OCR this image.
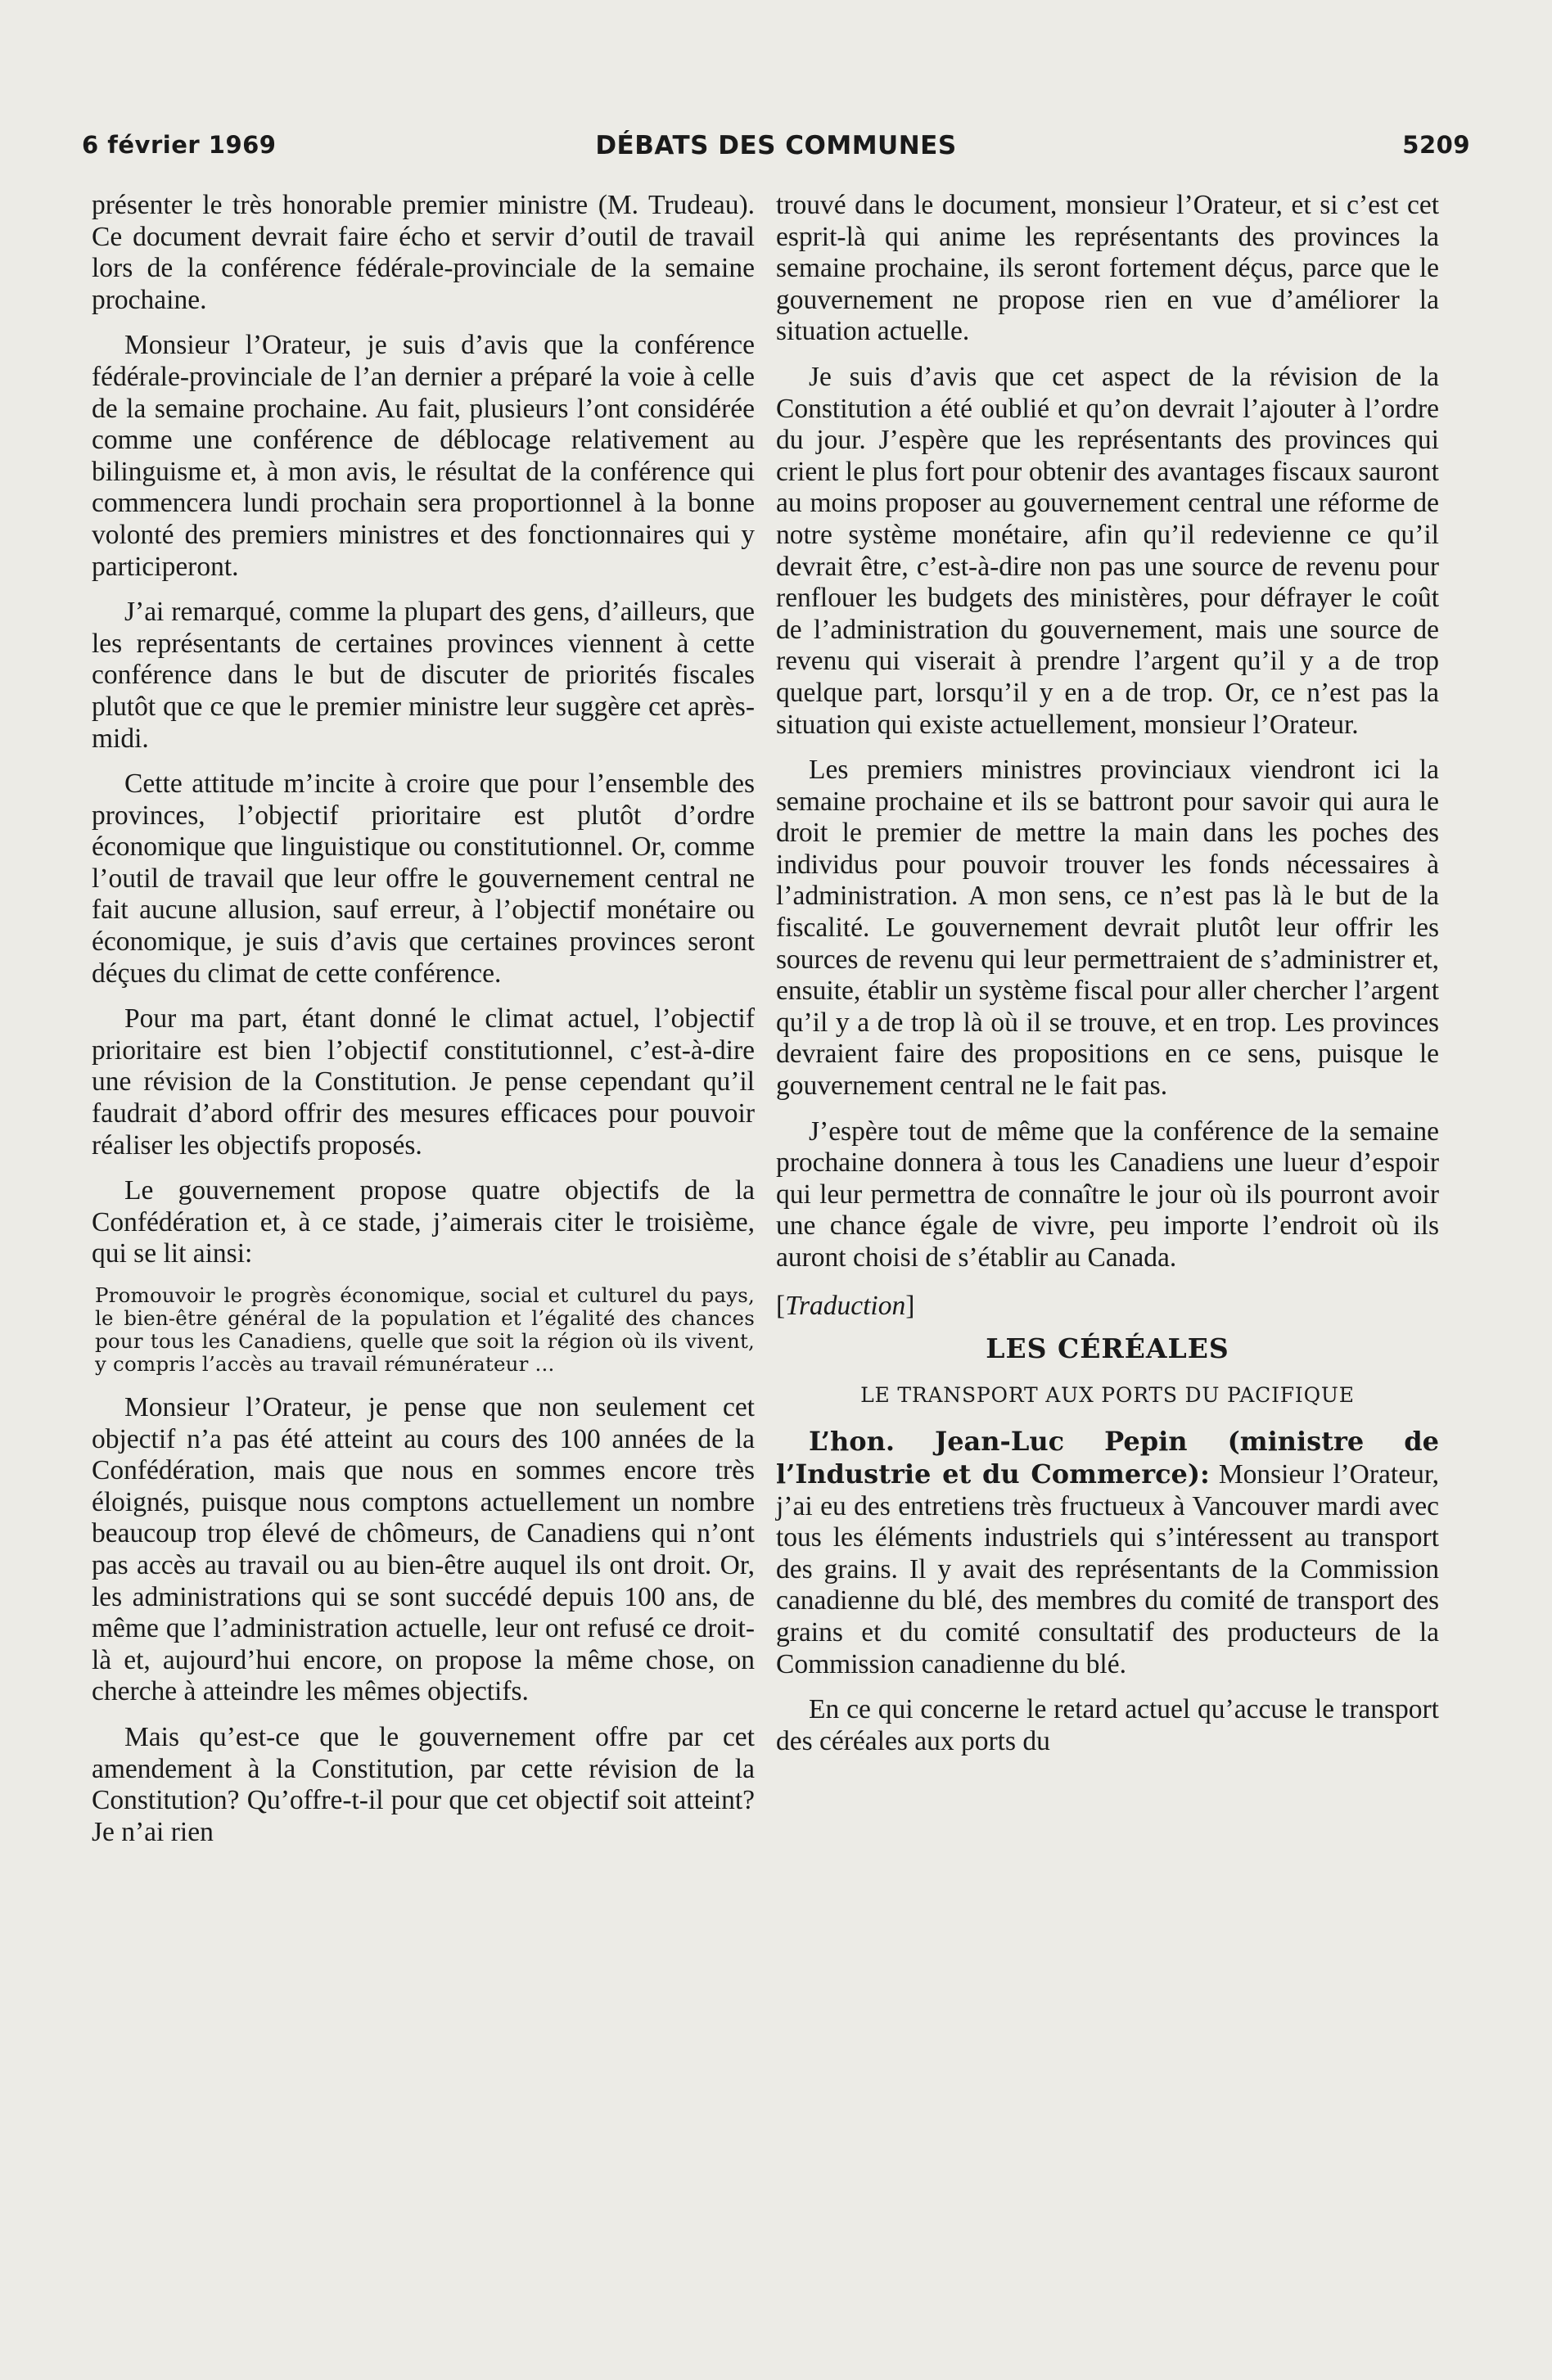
6 février 1969	DÉBATS DES COMMUNES	5209

présenter le très honorable premier ministre (M. Trudeau). Ce document devrait faire écho et servir d’outil de travail lors de la conférence fédérale-provinciale de la semaine prochaine.

Monsieur l’Orateur, je suis d’avis que la conférence fédérale-provinciale de l’an dernier a préparé la voie à celle de la semaine prochaine. Au fait, plusieurs l’ont considérée comme une conférence de déblocage relativement au bilinguisme et, à mon avis, le résultat de la conférence qui commencera lundi prochain sera proportionnel à la bonne volonté des premiers ministres et des fonctionnaires qui y participeront.

J’ai remarqué, comme la plupart des gens, d’ailleurs, que les représentants de certaines provinces viennent à cette conférence dans le but de discuter de priorités fiscales plutôt que ce que le premier ministre leur suggère cet après-midi.

Cette attitude m’incite à croire que pour l’ensemble des provinces, l’objectif prioritaire est plutôt d’ordre économique que linguistique ou constitutionnel. Or, comme l’outil de travail que leur offre le gouvernement central ne fait aucune allusion, sauf erreur, à l’objectif monétaire ou économique, je suis d’avis que certaines provinces seront déçues du climat de cette conférence.

Pour ma part, étant donné le climat actuel, l’objectif prioritaire est bien l’objectif constitutionnel, c’est-à-dire une révision de la Constitution. Je pense cependant qu’il faudrait d’abord offrir des mesures efficaces pour pouvoir réaliser les objectifs proposés.

Le gouvernement propose quatre objectifs de la Confédération et, à ce stade, j’aimerais citer le troisième, qui se lit ainsi:

Promouvoir le progrès économique, social et culturel du pays, le bien-être général de la population et l’égalité des chances pour tous les Canadiens, quelle que soit la région où ils vivent, y compris l’accès au travail rémunérateur ...

Monsieur l’Orateur, je pense que non seulement cet objectif n’a pas été atteint au cours des 100 années de la Confédération, mais que nous en sommes encore très éloignés, puisque nous comptons actuellement un nombre beaucoup trop élevé de chômeurs, de Canadiens qui n’ont pas accès au travail ou au bien-être auquel ils ont droit. Or, les administrations qui se sont succédé depuis 100 ans, de même que l’administration actuelle, leur ont refusé ce droit-là et, aujourd’hui encore, on propose la même chose, on cherche à atteindre les mêmes objectifs.

Mais qu’est-ce que le gouvernement offre par cet amendement à la Constitution, par cette révision de la Constitution? Qu’offre-t-il pour que cet objectif soit atteint? Je n’ai rien

trouvé dans le document, monsieur l’Orateur, et si c’est cet esprit-là qui anime les représentants des provinces la semaine prochaine, ils seront fortement déçus, parce que le gouvernement ne propose rien en vue d’améliorer la situation actuelle.

Je suis d’avis que cet aspect de la révision de la Constitution a été oublié et qu’on devrait l’ajouter à l’ordre du jour. J’espère que les représentants des provinces qui crient le plus fort pour obtenir des avantages fiscaux sauront au moins proposer au gouvernement central une réforme de notre système monétaire, afin qu’il redevienne ce qu’il devrait être, c’est-à-dire non pas une source de revenu pour renflouer les budgets des ministères, pour défrayer le coût de l’administration du gouvernement, mais une source de revenu qui viserait à prendre l’argent qu’il y a de trop quelque part, lorsqu’il y en a de trop. Or, ce n’est pas la situation qui existe actuellement, monsieur l’Orateur.

Les premiers ministres provinciaux viendront ici la semaine prochaine et ils se battront pour savoir qui aura le droit le premier de mettre la main dans les poches des individus pour pouvoir trouver les fonds nécessaires à l’administration. A mon sens, ce n’est pas là le but de la fiscalité. Le gouvernement devrait plutôt leur offrir les sources de revenu qui leur permettraient de s’administrer et, ensuite, établir un système fiscal pour aller chercher l’argent qu’il y a de trop là où il se trouve, et en trop. Les provinces devraient faire des propositions en ce sens, puisque le gouvernement central ne le fait pas.

J’espère tout de même que la conférence de la semaine prochaine donnera à tous les Canadiens une lueur d’espoir qui leur permettra de connaître le jour où ils pourront avoir une chance égale de vivre, peu importe l’endroit où ils auront choisi de s’établir au Canada.

[Traduction]

LES CÉRÉALES
LE TRANSPORT AUX PORTS DU PACIFIQUE

L’hon. Jean-Luc Pepin (ministre de l’Industrie et du Commerce): Monsieur l’Orateur, j’ai eu des entretiens très fructueux à Vancouver mardi avec tous les éléments industriels qui s’intéressent au transport des grains. Il y avait des représentants de la Commission canadienne du blé, des membres du comité de transport des grains et du comité consultatif des producteurs de la Commission canadienne du blé.

En ce qui concerne le retard actuel qu’accuse le transport des céréales aux ports du
